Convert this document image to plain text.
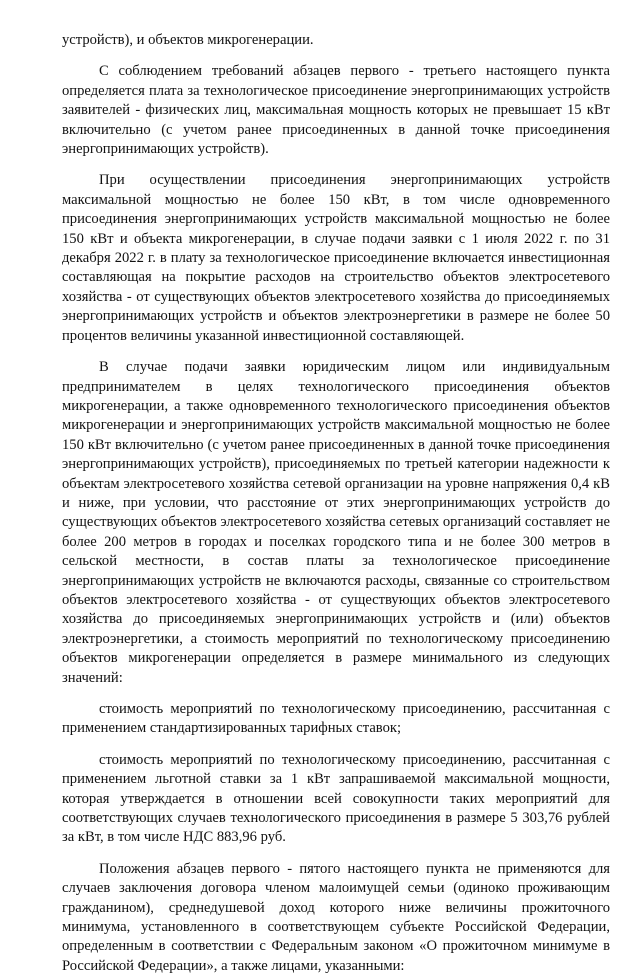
устройств), и объектов микрогенерации.

С соблюдением требований абзацев первого - третьего настоящего пункта определяется плата за технологическое присоединение энергопринимающих устройств заявителей - физических лиц, максимальная мощность которых не превышает 15 кВт включительно (с учетом ранее присоединенных в данной точке присоединения энергопринимающих устройств).

При осуществлении присоединения энергопринимающих устройств максимальной мощностью не более 150 кВт, в том числе одновременного присоединения энергопринимающих устройств максимальной мощностью не более 150 кВт и объекта микрогенерации, в случае подачи заявки с 1 июля 2022 г. по 31 декабря 2022 г. в плату за технологическое присоединение включается инвестиционная составляющая на покрытие расходов на строительство объектов электросетевого хозяйства - от существующих объектов электросетевого хозяйства до присоединяемых энергопринимающих устройств и объектов электроэнергетики в размере не более 50 процентов величины указанной инвестиционной составляющей.

В случае подачи заявки юридическим лицом или индивидуальным предпринимателем в целях технологического присоединения объектов микрогенерации, а также одновременного технологического присоединения объектов микрогенерации и энергопринимающих устройств максимальной мощностью не более 150 кВт включительно (с учетом ранее присоединенных в данной точке присоединения энергопринимающих устройств), присоединяемых по третьей категории надежности к объектам электросетевого хозяйства сетевой организации на уровне напряжения 0,4 кВ и ниже, при условии, что расстояние от этих энергопринимающих устройств до существующих объектов электросетевого хозяйства сетевых организаций составляет не более 200 метров в городах и поселках городского типа и не более 300 метров в сельской местности, в состав платы за технологическое присоединение энергопринимающих устройств не включаются расходы, связанные со строительством объектов электросетевого хозяйства - от существующих объектов электросетевого хозяйства до присоединяемых энергопринимающих устройств и (или) объектов электроэнергетики, а стоимость мероприятий по технологическому присоединению объектов микрогенерации определяется в размере минимального из следующих значений:

стоимость мероприятий по технологическому присоединению, рассчитанная с применением стандартизированных тарифных ставок;

стоимость мероприятий по технологическому присоединению, рассчитанная с применением льготной ставки за 1 кВт запрашиваемой максимальной мощности, которая утверждается в отношении всей совокупности таких мероприятий для соответствующих случаев технологического присоединения в размере 5 303,76 рублей за кВт, в том числе НДС 883,96 руб.

Положения абзацев первого - пятого настоящего пункта не применяются для случаев заключения договора членом малоимущей семьи (одиноко проживающим гражданином), среднедушевой доход которого ниже величины прожиточного минимума, установленного в соответствующем субъекте Российской Федерации, определенным в соответствии с Федеральным законом «О прожиточном минимуме в Российской Федерации», а также лицами, указанными:
